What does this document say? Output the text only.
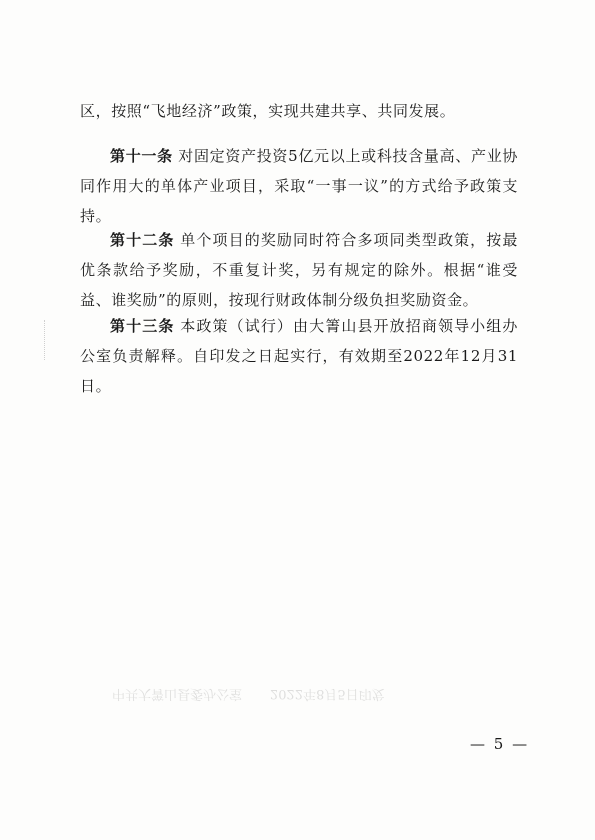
区，按照“飞地经济”政策，实现共建共享、共同发展。

第十一条 对固定资产投资5亿元以上或科技含量高、产业协同作用大的单体产业项目，采取“一事一议”的方式给予政策支持。

第十二条 单个项目的奖励同时符合多项同类型政策，按最优条款给予奖励，不重复计奖，另有规定的除外。根据“谁受益、谁奖励”的原则，按现行财政体制分级负担奖励资金。

第十三条 本政策（试行）由大箐山县开放招商领导小组办公室负责解释。自印发之日起实行，有效期至2022年12月31日。

中共大箐山县委办公室 2022年8月5日印发
— 5 —
